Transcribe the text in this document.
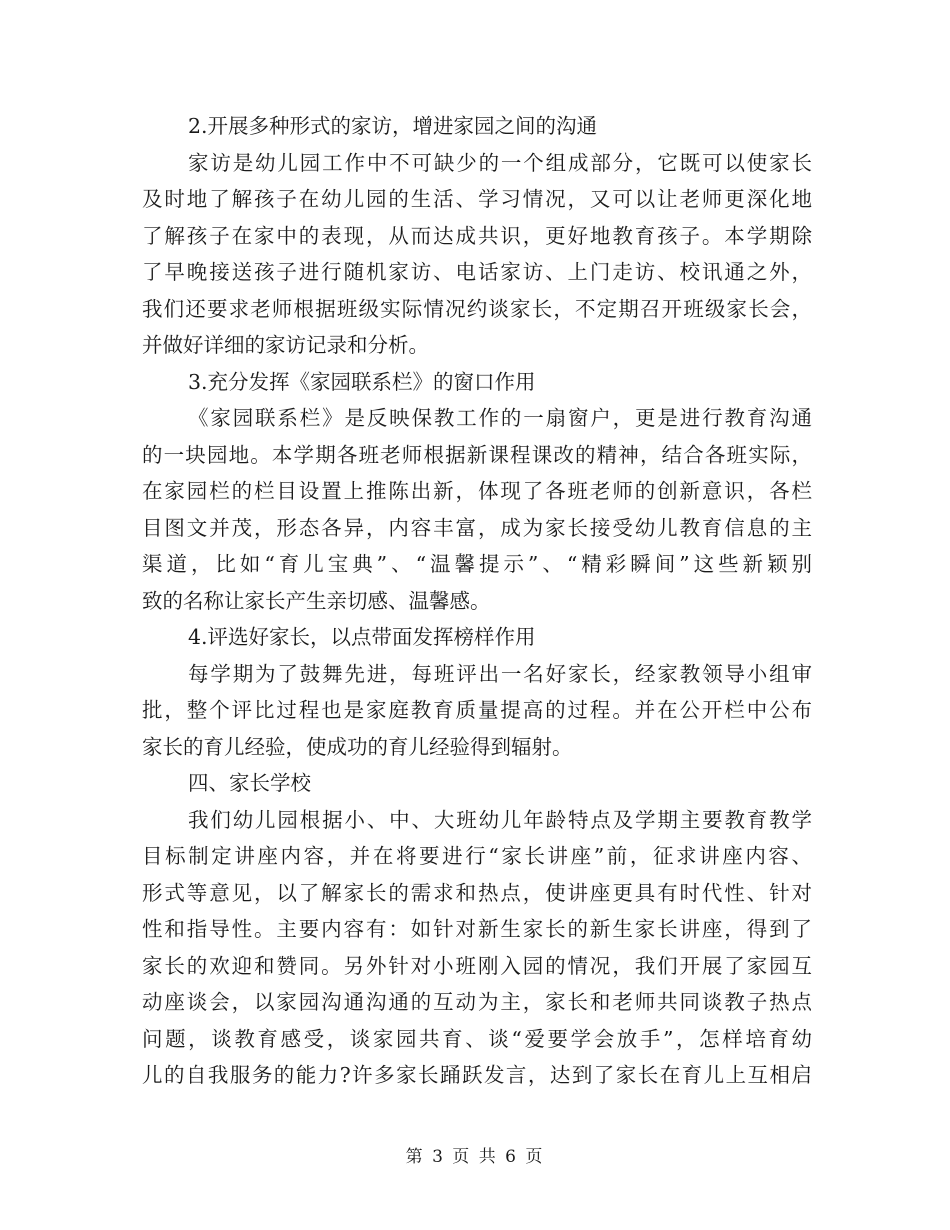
2.开展多种形式的家访，增进家园之间的沟通
家访是幼儿园工作中不可缺少的一个组成部分，它既可以使家长
及时地了解孩子在幼儿园的生活、学习情况，又可以让老师更深化地
了解孩子在家中的表现，从而达成共识，更好地教育孩子。本学期除
了早晚接送孩子进行随机家访、电话家访、上门走访、校讯通之外，
我们还要求老师根据班级实际情况约谈家长，不定期召开班级家长会，
并做好详细的家访记录和分析。
3.充分发挥《家园联系栏》的窗口作用
《家园联系栏》是反映保教工作的一扇窗户，更是进行教育沟通
的一块园地。本学期各班老师根据新课程课改的精神，结合各班实际，
在家园栏的栏目设置上推陈出新，体现了各班老师的创新意识，各栏
目图文并茂，形态各异，内容丰富，成为家长接受幼儿教育信息的主
渠道，比如“育儿宝典”、“温馨提示”、“精彩瞬间”这些新颖别
致的名称让家长产生亲切感、温馨感。
4.评选好家长，以点带面发挥榜样作用
每学期为了鼓舞先进，每班评出一名好家长，经家教领导小组审
批，整个评比过程也是家庭教育质量提高的过程。并在公开栏中公布
家长的育儿经验，使成功的育儿经验得到辐射。
四、家长学校
我们幼儿园根据小、中、大班幼儿年龄特点及学期主要教育教学
目标制定讲座内容，并在将要进行“家长讲座”前，征求讲座内容、
形式等意见，以了解家长的需求和热点，使讲座更具有时代性、针对
性和指导性。主要内容有：如针对新生家长的新生家长讲座，得到了
家长的欢迎和赞同。另外针对小班刚入园的情况，我们开展了家园互
动座谈会，以家园沟通沟通的互动为主，家长和老师共同谈教子热点
问题，谈教育感受，谈家园共育、谈“爱要学会放手”，怎样培育幼
儿的自我服务的能力?许多家长踊跃发言，达到了家长在育儿上互相启
第 3 页 共 6 页
